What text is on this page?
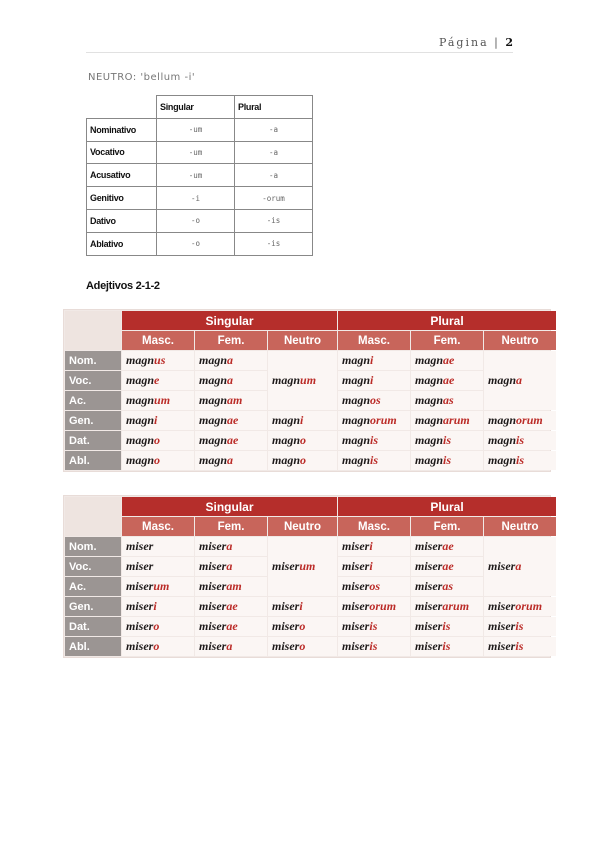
Página | 2
NEUTRO: 'bellum -i'
	Singular	Plural
Nominativo	-um	-a
Vocativo	-um	-a
Acusativo	-um	-a
Genitivo	-i	-orum
Dativo	-o	-is
Ablativo	-o	-is
Adejtivos 2-1-2
	Singular			Plural		
	Masc.	Fem.	Neutro	Masc.	Fem.	Neutro
Nom.	magnus	magna	magnum	magni	magnae	magna
Voc.	magne	magna		magni	magnae	
Ac.	magnum	magnam		magnos	magnas	
Gen.	magni	magnae	magni	magnorum	magnarum	magnorum
Dat.	magno	magnae	magno	magnis	magnis	magnis
Abl.	magno	magna	magno	magnis	magnis	magnis
	Singular			Plural		
	Masc.	Fem.	Neutro	Masc.	Fem.	Neutro
Nom.	miser	misera	miserum	miseri	miserae	misera
Voc.	miser	misera		miseri	miserae	
Ac.	miserum	miseram		miseros	miseras	
Gen.	miseri	miserae	miseri	miserorum	miserarum	miserorum
Dat.	misero	miserae	misero	miseris	miseris	miseris
Abl.	misero	misera	misero	miseris	miseris	miseris
